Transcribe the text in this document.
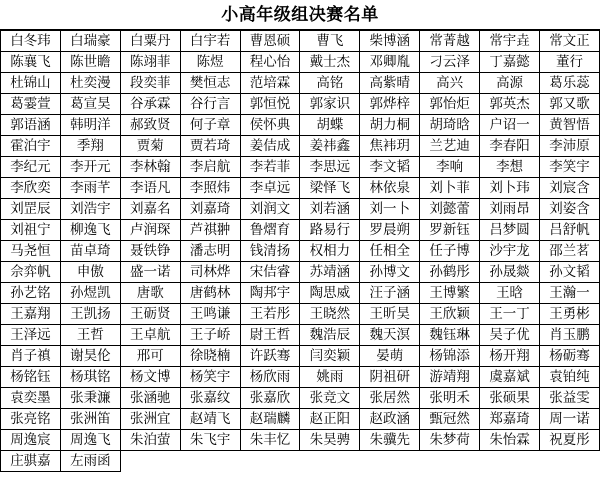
小高年级组决赛名单
白冬玮	白瑞豪	白粟丹	白宇若	曹恩硕	曹飞	柴博涵	常菁越	常宇垚	常文正
陈襄飞	陈世瞻	陈翊菲	陈煜	程心怡	戴士杰	邓卿胤	刁云泽	丁嘉懿	董行
杜锦山	杜奕漫	段奕菲	樊恒志	范培霖	高铭	高紫晴	高兴	高源	葛乐蕊
葛霎萱	葛宣昊	谷承霖	谷行言	郭恒悦	郭家识	郭烨梓	郭怡炬	郭英杰	郭又歌
郭语涵	韩明洋	郝致贤	何子章	侯怀典	胡蝶	胡力桐	胡琦晗	户诏一	黄智悟
霍泊宇	季翔	贾菊	贾若琦	姜佶成	姜祎鑫	焦袆玥	兰艺迪	李春阳	李沛原
李纪元	李开元	李林翰	李启航	李若菲	李思远	李文韬	李响	李想	李笑宇
李欣奕	李雨芊	李语凡	李照炜	李卓远	梁怿飞	林依泉	刘卜菲	刘卜玮	刘宸含
刘罡辰	刘浩宇	刘嘉名	刘嘉琦	刘润文	刘若涵	刘一卜	刘懿蕾	刘雨昂	刘姿含
刘祖宁	柳逸飞	卢润琛	芦祺翀	鲁熠育	路易行	罗晨朔	罗新钰	吕梦圆	吕舒帆
马尧恒	苗卓琦	聂铁铮	潘志明	钱清扬	权相力	任相全	任子博	沙宇龙	邵兰茗
佘弈帆	申傲	盛一诺	司林烨	宋佶睿	苏靖涵	孙博文	孙鹤彤	孙晟燚	孙文韬
孙艺铭	孙煜凯	唐歌	唐鹤林	陶邦宇	陶思威	汪子涵	王博繁	王晗	王瀚一
王嘉翔	王凯扬	王砺贤	王鸣谦	王若彤	王晓然	王昕昊	王欣颖	王一丁	王勇彬
王泽远	王哲	王卓航	王子峤	尉王哲	魏浩辰	魏天溟	魏钰琳	吴子优	肖玉鹏
肖子禛	谢昊伦	邢可	徐晓楠	许跃骞	闫奕颖	晏萌	杨锦添	杨开翔	杨砺骞
杨铭钰	杨琪铭	杨文博	杨笑宇	杨欣雨	姚雨	阴祖研	游靖翔	虞嘉斌	袁铂纯
袁奕墨	张秉濂	张涵驰	张嘉纹	张嘉欣	张竞文	张居然	张明禾	张硕果	张益雯
张亮铭	张洲笛	张洲宜	赵靖飞	赵瑞麟	赵正阳	赵政涵	甄冠然	郑嘉琦	周一诺
周逸宸	周逸飞	朱泊萤	朱飞宇	朱丰忆	朱昊骋	朱骥先	朱梦荷	朱怡霖	祝夏彤
庄骐嘉	左雨函								
